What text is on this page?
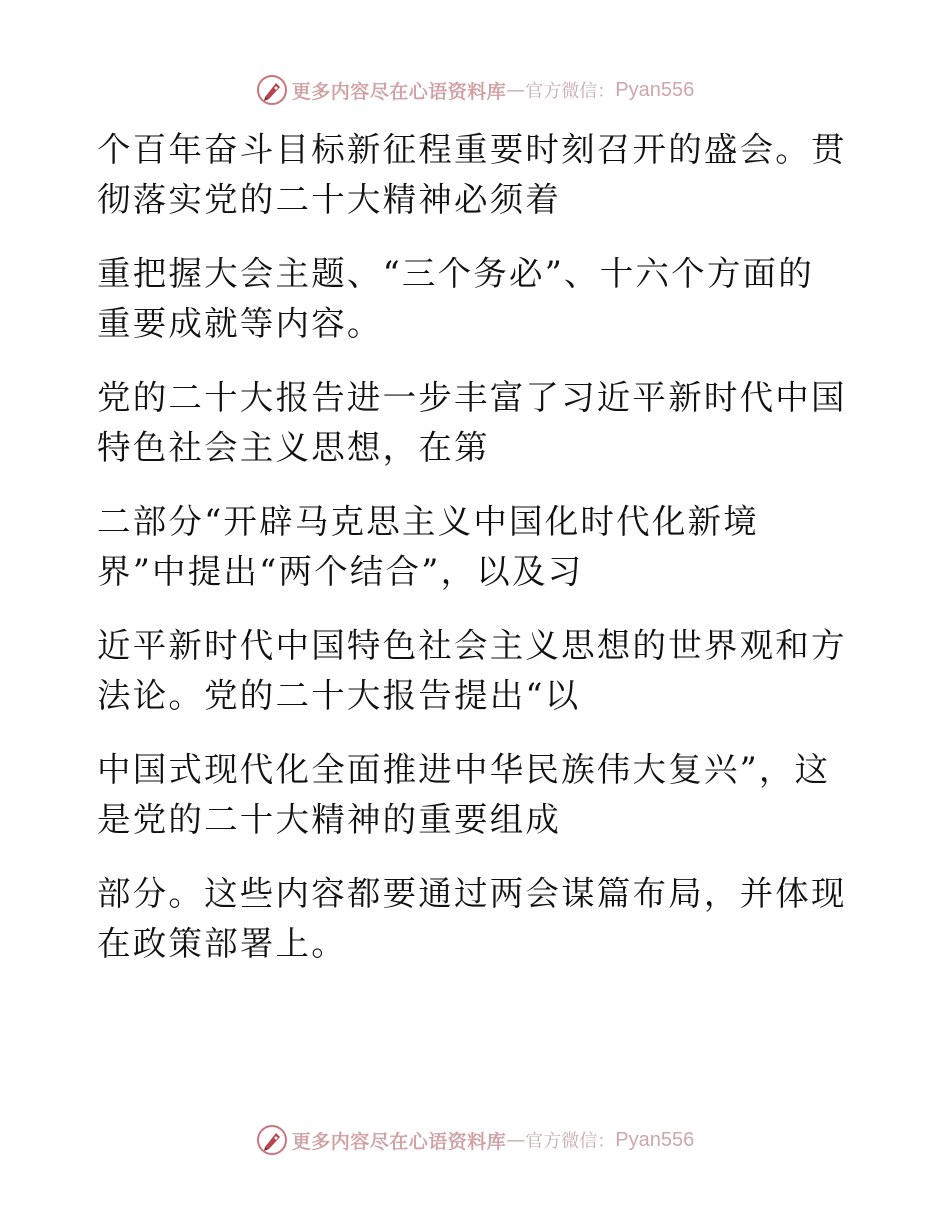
更多内容尽在心语资料库 — 官方微信： Pyan556

个百年奋斗目标新征程重要时刻召开的盛会。贯
彻落实党的二十大精神必须着

重把握大会主题、“三个务必”、十六个方面的
重要成就等内容。

党的二十大报告进一步丰富了习近平新时代中国
特色社会主义思想，在第

二部分“开辟马克思主义中国化时代化新境
界”中提出“两个结合”，以及习

近平新时代中国特色社会主义思想的世界观和方
法论。党的二十大报告提出“以

中国式现代化全面推进中华民族伟大复兴”，这
是党的二十大精神的重要组成

部分。这些内容都要通过两会谋篇布局，并体现
在政策部署上。

更多内容尽在心语资料库 — 官方微信： Pyan556
